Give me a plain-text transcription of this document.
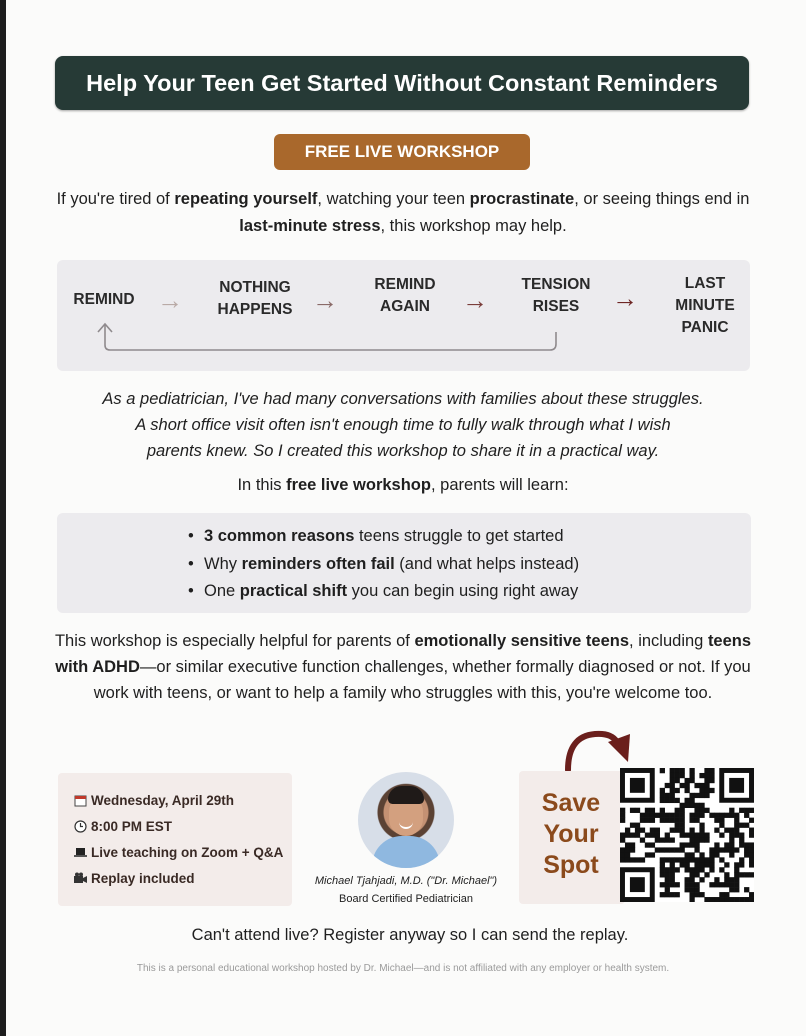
Help Your Teen Get Started Without Constant Reminders
FREE LIVE WORKSHOP
If you're tired of repeating yourself, watching your teen procrastinate, or seeing things end in last-minute stress, this workshop may help.
REMIND →	NOTHING
HAPPENS →
REMIND
AGAIN	→
TENSION
RISES	→	LAST
MINUTE
PANIC
As a pediatrician, I've had many conversations with families about these struggles.
A short office visit often isn't enough time to fully walk through what I wish
parents knew. So I created this workshop to share it in a practical way.
In this free live workshop, parents will learn:
• 3 common reasons teens struggle to get started
• Why reminders often fail (and what helps instead)
• One practical shift you can begin using right away
This workshop is especially helpful for parents of emotionally sensitive teens, including teens with ADHD—or similar executive function challenges, whether formally diagnosed or not. If you work with teens, or want to help a family who struggles with this, you're welcome too.
Wednesday, April 29th
8:00 PM EST
Live teaching on Zoom + Q&A
Replay included	Michael Tjahjadi, M.D. ("Dr. Michael")
Board Certified Pediatrician
Save
Your
Spot
Can't attend live? Register anyway so I can send the replay.
This is a personal educational workshop hosted by Dr. Michael—and is not affiliated with any employer or health system.
